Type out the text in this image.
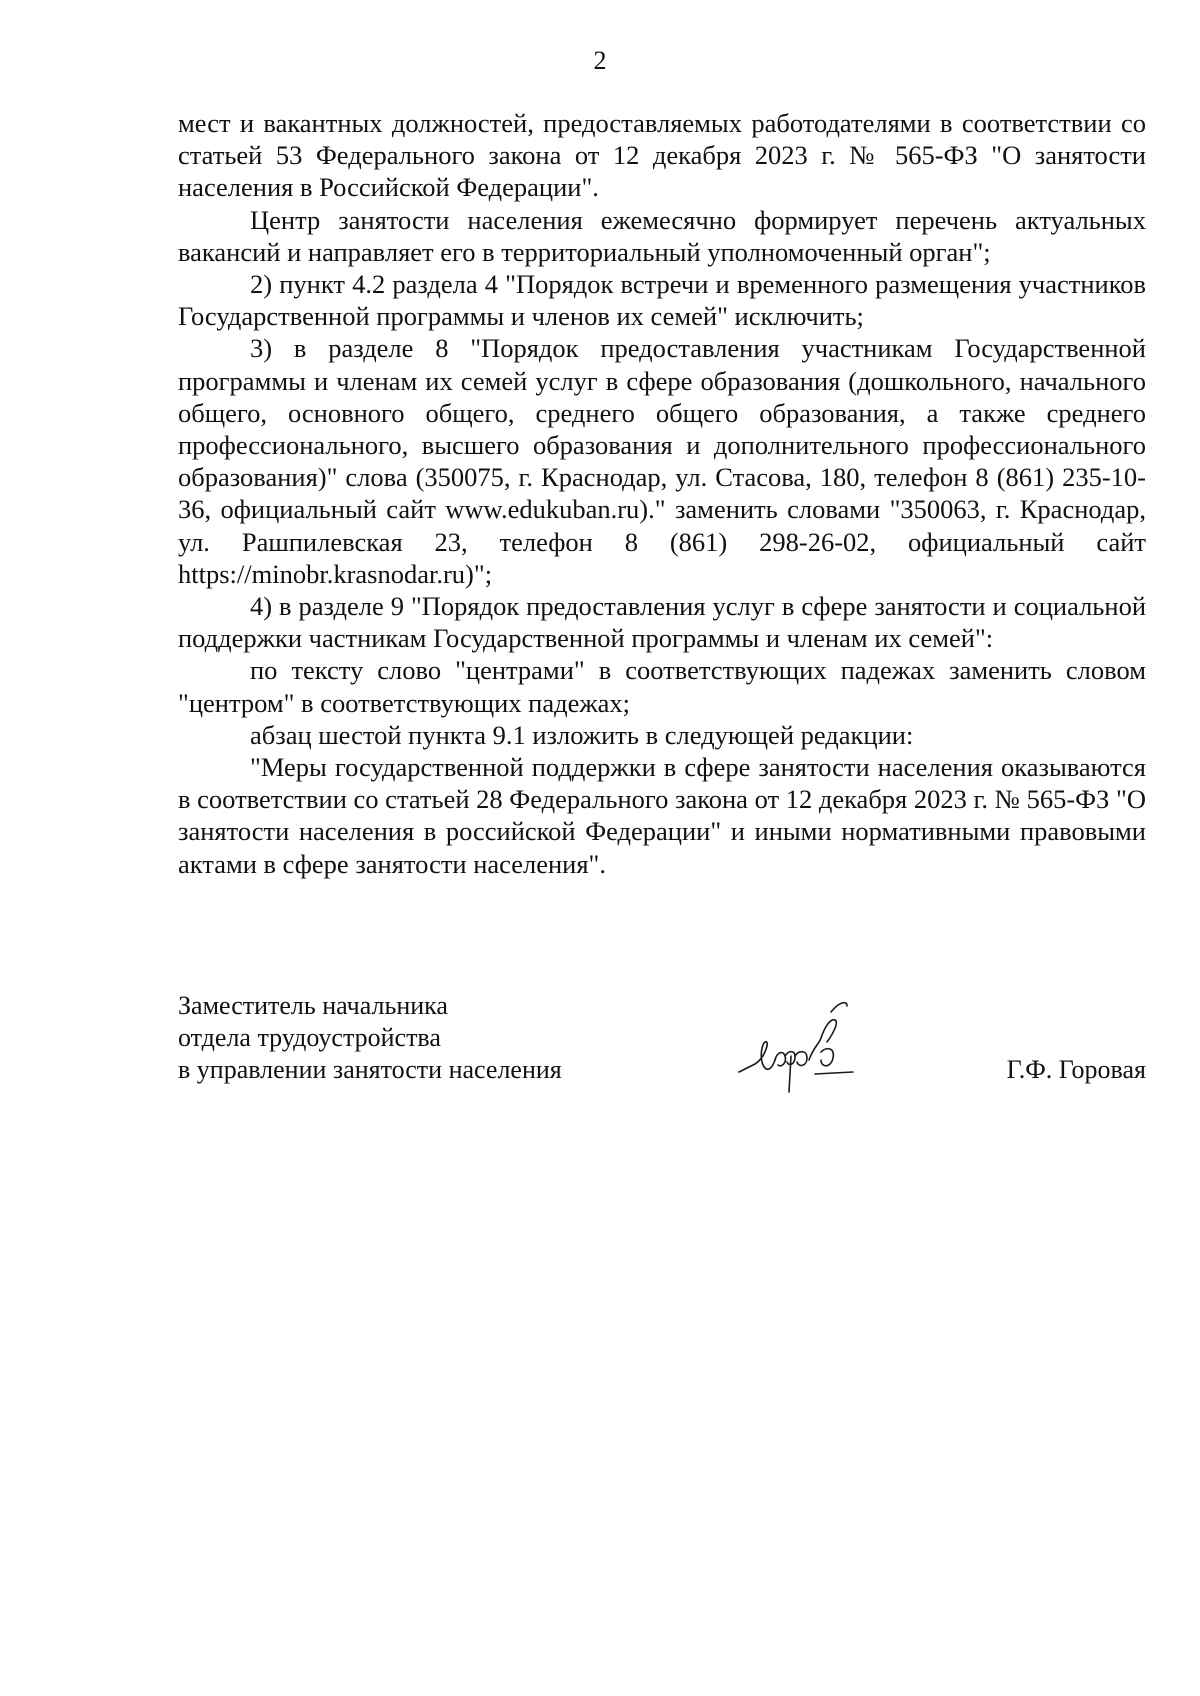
2

мест и вакантных должностей, предоставляемых работодателями в соответствии со статьей 53 Федерального закона от 12 декабря 2023 г. № 565-ФЗ "О занятости населения в Российской Федерации".

Центр занятости населения ежемесячно формирует перечень актуальных вакансий и направляет его в территориальный уполномоченный орган";

2) пункт 4.2 раздела 4 "Порядок встречи и временного размещения участников Государственной программы и членов их семей" исключить;

3) в разделе 8 "Порядок предоставления участникам Государственной программы и членам их семей услуг в сфере образования (дошкольного, начального общего, основного общего, среднего общего образования, а также среднего профессионального, высшего образования и дополнительного профессионального образования)" слова (350075, г. Краснодар, ул. Стасова, 180, телефон 8 (861) 235-10-36, официальный сайт www.edukuban.ru)." заменить словами "350063, г. Краснодар, ул. Рашпилевская 23, телефон 8 (861) 298-26-02, официальный сайт https://minobr.krasnodar.ru)";

4) в разделе 9 "Порядок предоставления услуг в сфере занятости и социальной поддержки частникам Государственной программы и членам их семей":

по тексту слово "центрами" в соответствующих падежах заменить словом "центром" в соответствующих падежах;

абзац шестой пункта 9.1 изложить в следующей редакции:

"Меры государственной поддержки в сфере занятости населения оказываются в соответствии со статьей 28 Федерального закона от 12 декабря 2023 г. № 565-ФЗ "О занятости населения в российской Федерации" и иными нормативными правовыми актами в сфере занятости населения".

Заместитель начальника
отдела трудоустройства
в управлении занятости населения	Г.Ф. Горовая
